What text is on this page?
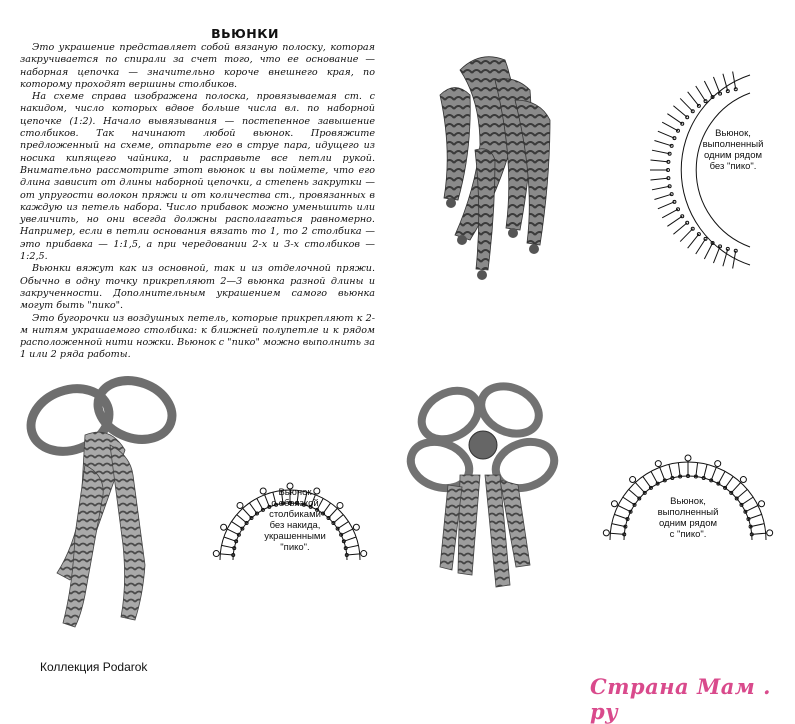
ВЬЮНКИ

Это украшение представляет собой вязаную полоску, которая закручивается по спирали за счет того, что ее основание — наборная цепочка — значительно короче внешнего края, по которому проходят вершины столбиков.

На схеме справа изображена полоска, провязываемая ст. с накидом, число которых вдвое больше числа вл. по наборной цепочке (1:2). Начало вывязывания — постепенное завышение столбиков. Так начинают любой вьюнок. Провяжите предложенный на схеме, отпарьте его в струе пара, идущего из носика кипящего чайника, и расправьте все петли рукой. Внимательно рассмотрите этот вьюнок и вы поймете, что его длина зависит от длины наборной цепочки, а степень закрутки — от упругости волокон пряжи и от количества ст., провязанных в каждую из петель набора. Число прибавок можно уменьшить или увеличить, но они всегда должны располагаться равномерно. Например, если в петли основания вязать то 1, то 2 столбика — это прибавка — 1:1,5, а при чередовании 2-х и 3-х столбиков — 1:2,5.

Вьюнки вяжут как из основной, так и из отделочной пряжи. Обычно в одну точку прикрепляют 2—3 вьюнка разной длины и закрученности. Дополнительным украшением самого вьюнка могут быть "пико".

Это бугорочки из воздушных петель, которые прикрепляют к 2-м нитям украшаемого столбика: к ближней полупетле и к рядом расположенной нити ножки. Вьюнок с "пико" можно выполнить за 1 или 2 ряда работы.

Вьюнок,
выполненный
одним рядом
без "пико".
Вьюнок
с обвязкой
столбиками
без накида,
украшенными
"пико".
Вьюнок,
выполненный
одним рядом
с "пико".
Коллекция Podarok
Страна Мам . ру
